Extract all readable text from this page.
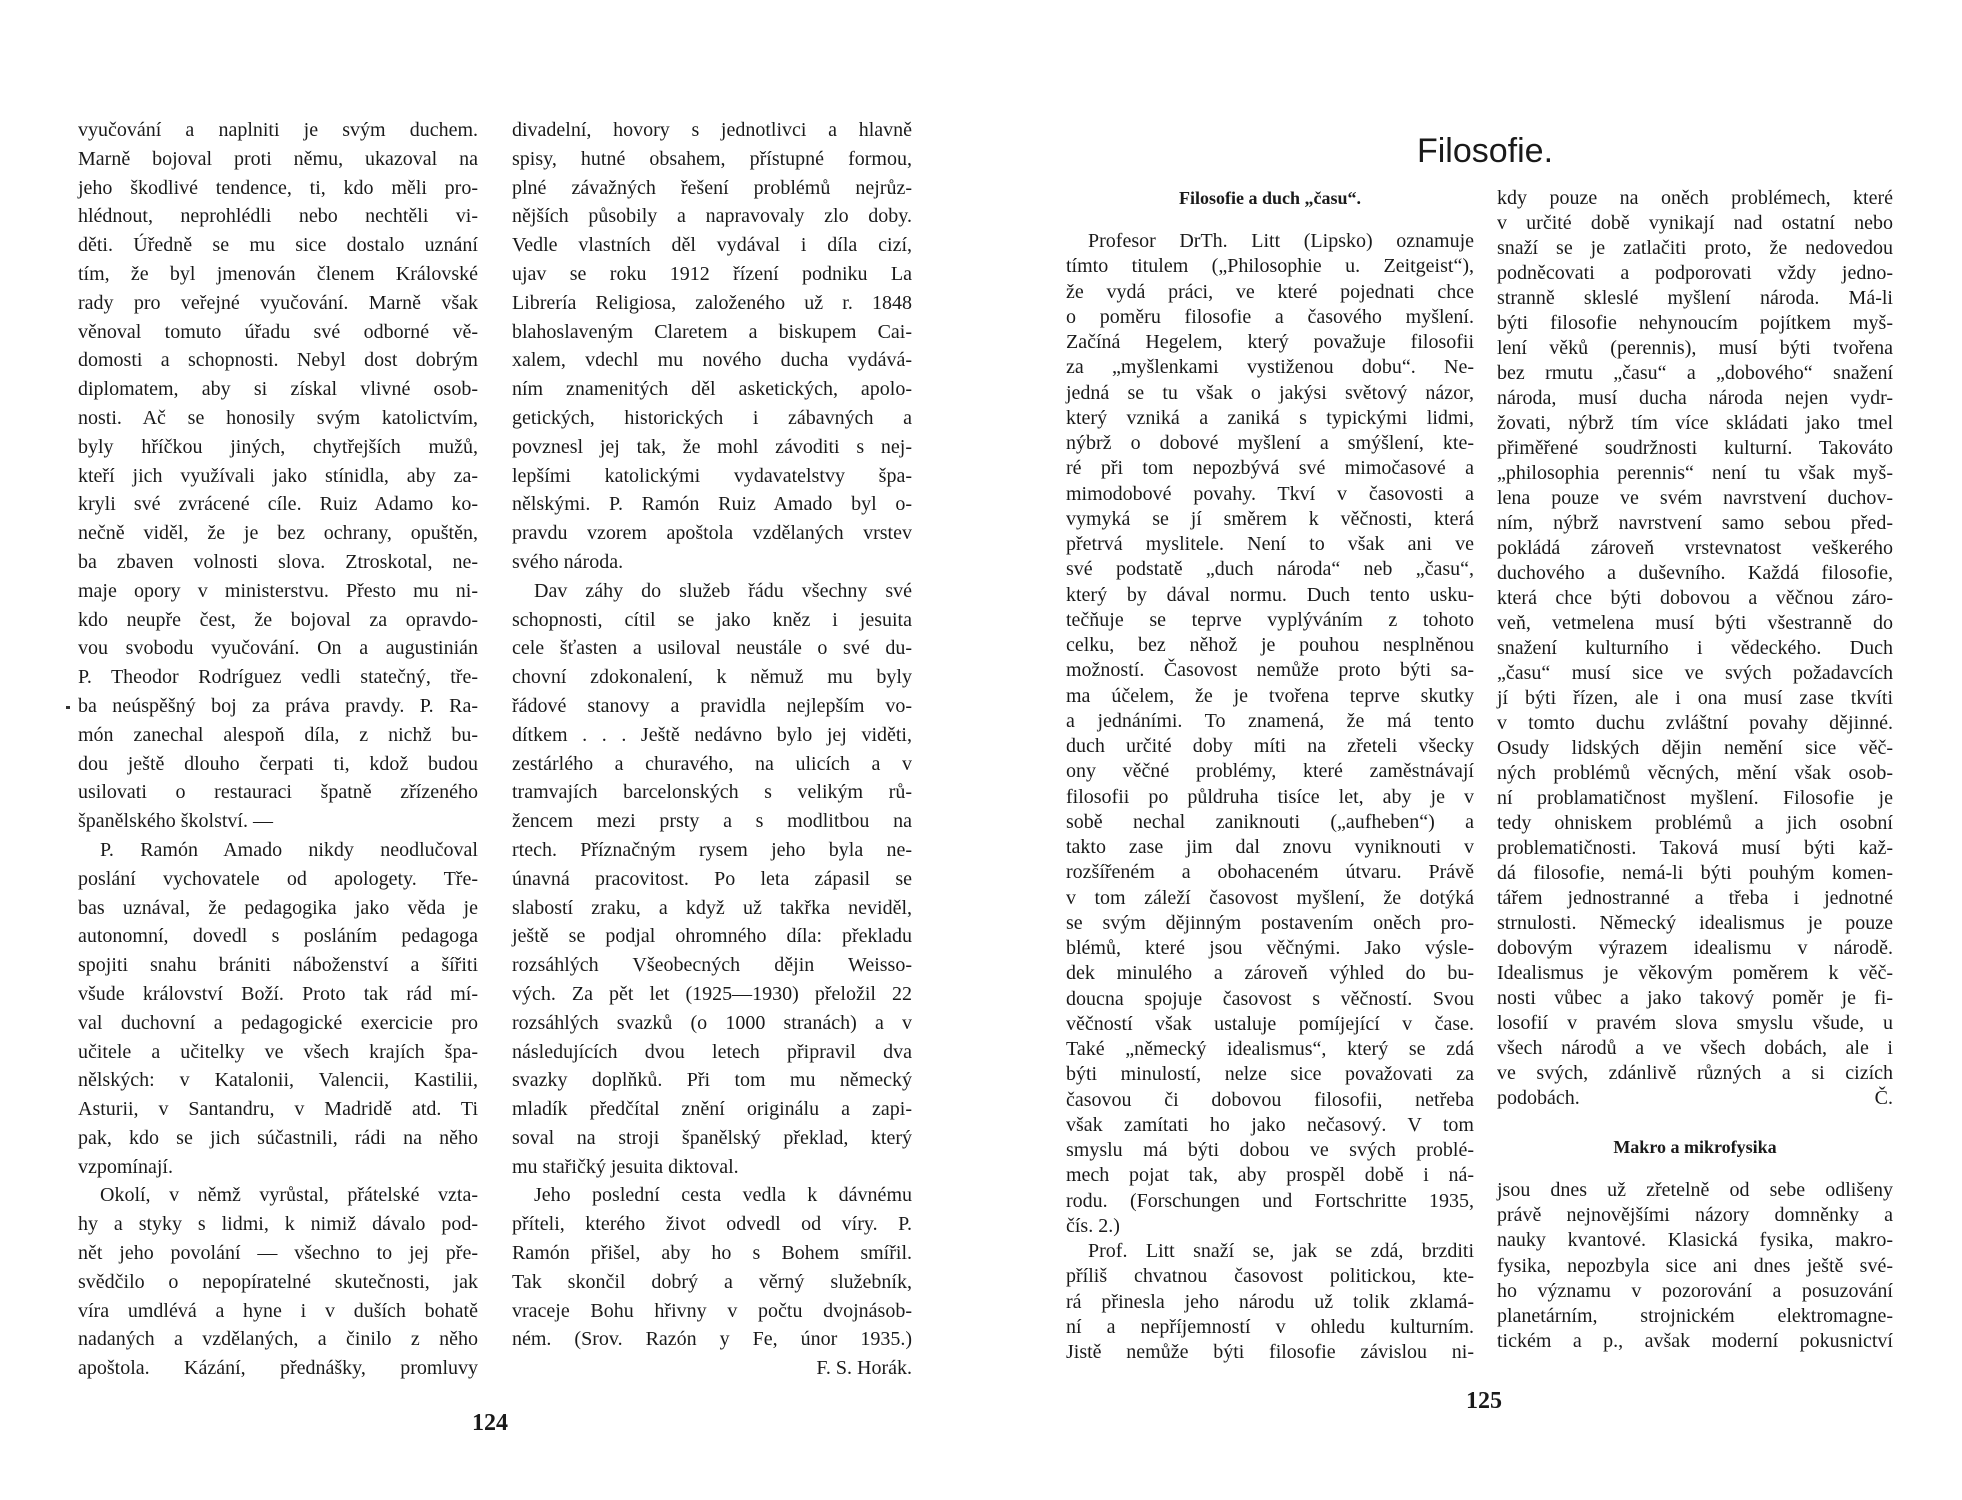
vyučování a naplniti je svým duchem.
Marně bojoval proti němu, ukazoval na
jeho škodlivé tendence, ti, kdo měli pro-
hlédnout, neprohlédli nebo nechtěli vi-
děti. Úředně se mu sice dostalo uznání
tím, že byl jmenován členem Královské
rady pro veřejné vyučování. Marně však
věnoval tomuto úřadu své odborné vě-
domosti a schopnosti. Nebyl dost dobrým
diplomatem, aby si získal vlivné osob-
nosti. Ač se honosily svým katolictvím,
byly hříčkou jiných, chytřejších mužů,
kteří jich využívali jako stínidla, aby za-
kryli své zvrácené cíle. Ruiz Adamo ko-
nečně viděl, že je bez ochrany, opuštěn,
ba zbaven volnosti slova. Ztroskotal, ne-
maje opory v ministerstvu. Přesto mu ni-
kdo neupře čest, že bojoval za opravdo-
vou svobodu vyučování. On a augustinián
P. Theodor Rodríguez vedli statečný, tře-
ba neúspěšný boj za práva pravdy. P. Ra-
món zanechal alespoň díla, z nichž bu-
dou ještě dlouho čerpati ti, kdož budou
usilovati o restauraci špatně zřízeného
španělského školství. —
P. Ramón Amado nikdy neodlučoval
poslání vychovatele od apologety. Tře-
bas uznával, že pedagogika jako věda je
autonomní, dovedl s posláním pedagoga
spojiti snahu brániti náboženství a šířiti
všude království Boží. Proto tak rád mí-
val duchovní a pedagogické exercicie pro
učitele a učitelky ve všech krajích špa-
nělských: v Katalonii, Valencii, Kastilii,
Asturii, v Santandru, v Madridě atd. Ti
pak, kdo se jich súčastnili, rádi na něho
vzpomínají.
Okolí, v němž vyrůstal, přátelské vzta-
hy a styky s lidmi, k nimiž dávalo pod-
nět jeho povolání — všechno to jej pře-
svědčilo o nepopíratelné skutečnosti, jak
víra umdlévá a hyne i v duších bohatě
nadaných a vzdělaných, a činilo z něho
apoštola. Kázání, přednášky, promluvy
divadelní, hovory s jednotlivci a hlavně
spisy, hutné obsahem, přístupné formou,
plné závažných řešení problémů nejrůz-
nějších působily a napravovaly zlo doby.
Vedle vlastních děl vydával i díla cizí,
ujav se roku 1912 řízení podniku La
Librería Religiosa, založeného už r. 1848
blahoslaveným Claretem a biskupem Cai-
xalem, vdechl mu nového ducha vydává-
ním znamenitých děl asketických, apolo-
getických, historických i zábavných a
povznesl jej tak, že mohl závoditi s nej-
lepšími katolickými vydavatelstvy špa-
nělskými. P. Ramón Ruiz Amado byl o-
pravdu vzorem apoštola vzdělaných vrstev
svého národa.
Dav záhy do služeb řádu všechny své
schopnosti, cítil se jako kněz i jesuita
cele šťasten a usiloval neustále o své du-
chovní zdokonalení, k němuž mu byly
řádové stanovy a pravidla nejlepším vo-
dítkem . . . Ještě nedávno bylo jej viděti,
zestárlého a churavého, na ulicích a v
tramvajích barcelonských s velikým rů-
žencem mezi prsty a s modlitbou na
rtech. Příznačným rysem jeho byla ne-
únavná pracovitost. Po leta zápasil se
slabostí zraku, a když už takřka neviděl,
ještě se podjal ohromného díla: překladu
rozsáhlých Všeobecných dějin Weisso-
vých. Za pět let (1925—1930) přeložil 22
rozsáhlých svazků (o 1000 stranách) a v
následujících dvou letech připravil dva
svazky doplňků. Při tom mu německý
mladík předčítal znění originálu a zapi-
soval na stroji španělský překlad, který
mu stařičký jesuita diktoval.
Jeho poslední cesta vedla k dávnému
příteli, kterého život odvedl od víry. P.
Ramón přišel, aby ho s Bohem smířil.
Tak skončil dobrý a věrný služebník,
vraceje Bohu hřivny v počtu dvojnásob-
ném. (Srov. Razón y Fe, únor 1935.)
F. S. Horák.
124
Filosofie.
Filosofie a duch „času“.
Profesor DrTh. Litt (Lipsko) oznamuje
tímto titulem („Philosophie u. Zeitgeist“),
že vydá práci, ve které pojednati chce
o poměru filosofie a časového myšlení.
Začíná Hegelem, který považuje filosofii
za „myšlenkami vystiženou dobu“. Ne-
jedná se tu však o jakýsi světový názor,
který vzniká a zaniká s typickými lidmi,
nýbrž o dobové myšlení a smýšlení, kte-
ré při tom nepozbývá své mimočasové a
mimodobové povahy. Tkví v časovosti a
vymyká se jí směrem k věčnosti, která
přetrvá myslitele. Není to však ani ve
své podstatě „duch národa“ neb „času“,
který by dával normu. Duch tento usku-
tečňuje se teprve vyplýváním z tohoto
celku, bez něhož je pouhou nesplněnou
možností. Časovost nemůže proto býti sa-
ma účelem, že je tvořena teprve skutky
a jednáními. To znamená, že má tento
duch určité doby míti na zřeteli všecky
ony věčné problémy, které zaměstnávají
filosofii po půldruha tisíce let, aby je v
sobě nechal zaniknouti („aufheben“) a
takto zase jim dal znovu vyniknouti v
rozšířeném a obohaceném útvaru. Právě
v tom záleží časovost myšlení, že dotýká
se svým dějinným postavením oněch pro-
blémů, které jsou věčnými. Jako výsle-
dek minulého a zároveň výhled do bu-
doucna spojuje časovost s věčností. Svou
věčností však ustaluje pomíjející v čase.
Také „německý idealismus“, který se zdá
býti minulostí, nelze sice považovati za
časovou či dobovou filosofii, netřeba
však zamítati ho jako nečasový. V tom
smyslu má býti dobou ve svých problé-
mech pojat tak, aby prospěl době i ná-
rodu. (Forschungen und Fortschritte 1935,
čís. 2.)
Prof. Litt snaží se, jak se zdá, brzditi
příliš chvatnou časovost politickou, kte-
rá přinesla jeho národu už tolik zklamá-
ní a nepříjemností v ohledu kulturním.
Jistě nemůže býti filosofie závislou ni-
kdy pouze na oněch problémech, které
v určité době vynikají nad ostatní nebo
snaží se je zatlačiti proto, že nedovedou
podněcovati a podporovati vždy jedno-
stranně skleslé myšlení národa. Má-li
býti filosofie nehynoucím pojítkem myš-
lení věků (perennis), musí býti tvořena
bez rmutu „času“ a „dobového“ snažení
národa, musí ducha národa nejen vydr-
žovati, nýbrž tím více skládati jako tmel
přiměřené soudržnosti kulturní. Takováto
„philosophia perennis“ není tu však myš-
lena pouze ve svém navrstvení duchov-
ním, nýbrž navrstvení samo sebou před-
pokládá zároveň vrstevnatost veškerého
duchového a duševního. Každá filosofie,
která chce býti dobovou a věčnou záro-
veň, vetmelena musí býti všestranně do
snažení kulturního i vědeckého. Duch
„času“ musí sice ve svých požadavcích
jí býti řízen, ale i ona musí zase tkvíti
v tomto duchu zvláštní povahy dějinné.
Osudy lidských dějin nemění sice věč-
ných problémů věcných, mění však osob-
ní problamatičnost myšlení. Filosofie je
tedy ohniskem problémů a jich osobní
problematičnosti. Taková musí býti kaž-
dá filosofie, nemá-li býti pouhým komen-
tářem jednostranné a třeba i jednotné
strnulosti. Německý idealismus je pouze
dobovým výrazem idealismu v národě.
Idealismus je věkovým poměrem k věč-
nosti vůbec a jako takový poměr je fi-
losofií v pravém slova smyslu všude, u
všech národů a ve všech dobách, ale i
ve svých, zdánlivě různých a si cizích
podobách.                              Č.
Makro a mikrofysika
jsou dnes už zřetelně od sebe odlišeny
právě nejnovějšími názory domněnky a
nauky kvantové. Klasická fysika, makro-
fysika, nepozbyla sice ani dnes ještě své-
ho významu v pozorování a posuzování
planetárním, strojnickém elektromagne-
tickém a p., avšak moderní pokusnictví
125
